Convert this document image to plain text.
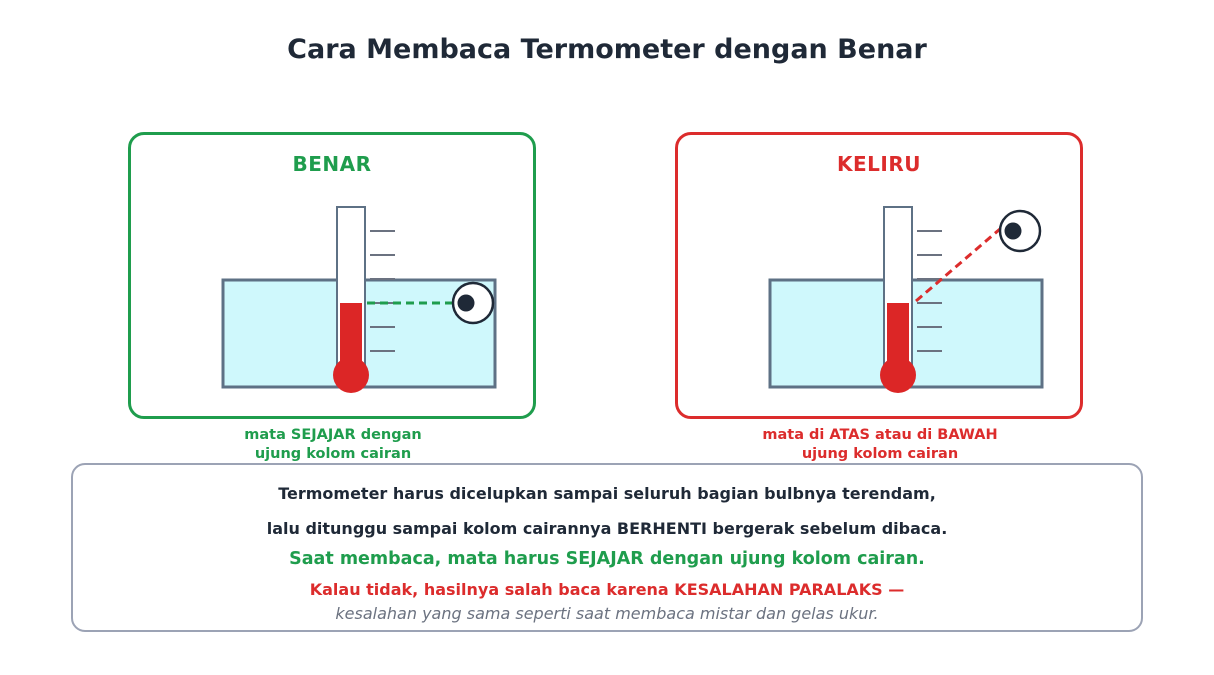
Cara Membaca Termometer dengan Benar
BENAR	KELIRU
mata SEJAJAR dengan
ujung kolom cairan
mata di ATAS atau di BAWAH
ujung kolom cairan
Termometer harus dicelupkan sampai seluruh bagian bulbnya terendam,
lalu ditunggu sampai kolom cairannya BERHENTI bergerak sebelum dibaca.
Saat membaca, mata harus SEJAJAR dengan ujung kolom cairan.
Kalau tidak, hasilnya salah baca karena KESALAHAN PARALAKS —
kesalahan yang sama seperti saat membaca mistar dan gelas ukur.
